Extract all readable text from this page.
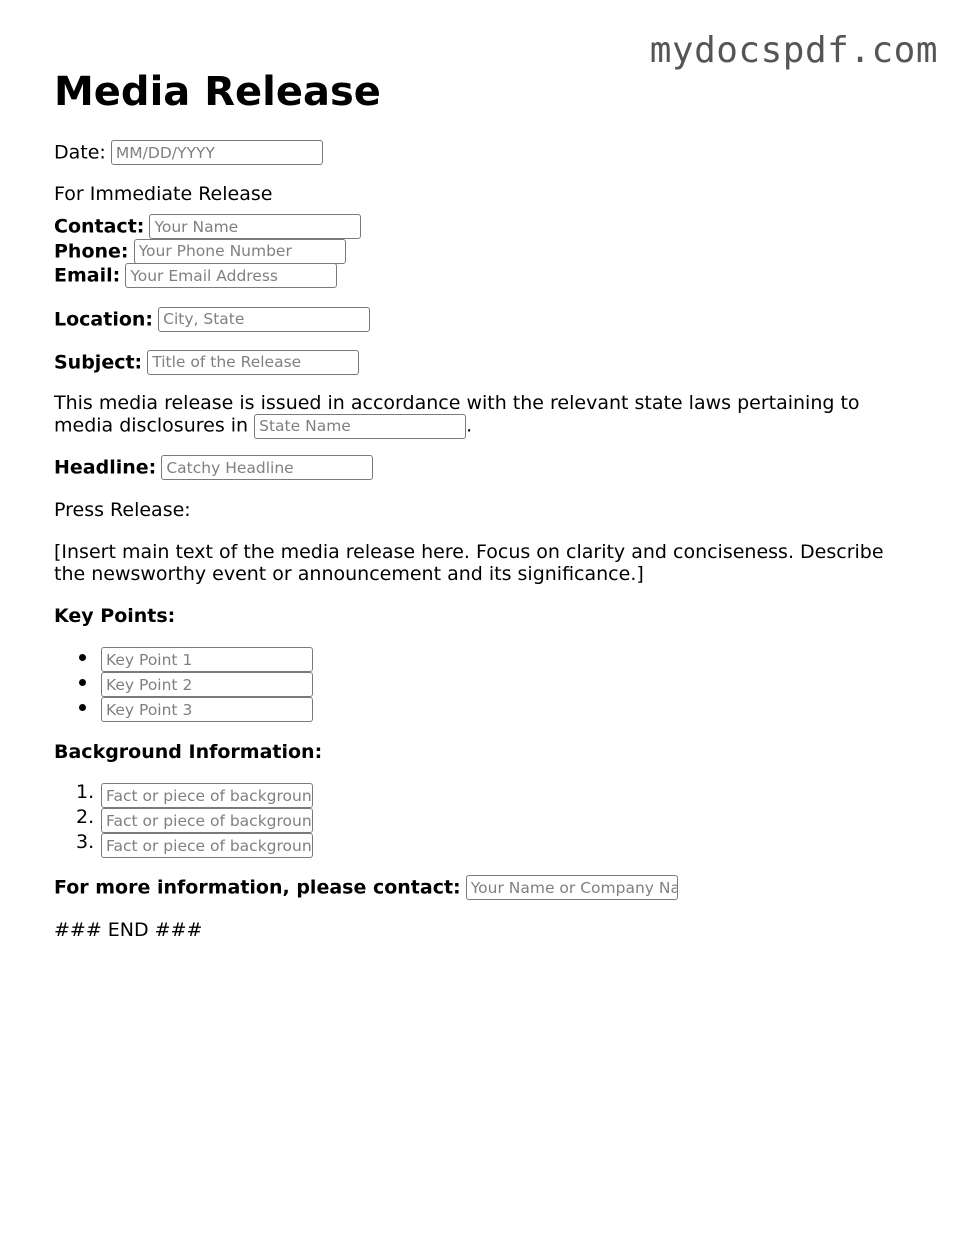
mydocspdf.com
Media Release
Date: MM/DD/YYYY

For Immediate Release

Contact: Your Name
Phone: Your Phone Number
Email: Your Email Address
Location: City, State
Subject: Title of the Release
This media release is issued in accordance with the relevant state laws pertaining to media disclosures in State Name	.
Headline: Catchy Headline

Press Release:

[Insert main text of the media release here. Focus on clarity and conciseness. Describe the newsworthy event or announcement and its significance.]

Key Points:

Key Point 1
Key Point 2
Key Point 3

Background Information:

1.
Fact or piece of background
2.
Fact or piece of background
3.
Fact or piece of background
For more information, please contact: Your Name or Company Name

### END ###
